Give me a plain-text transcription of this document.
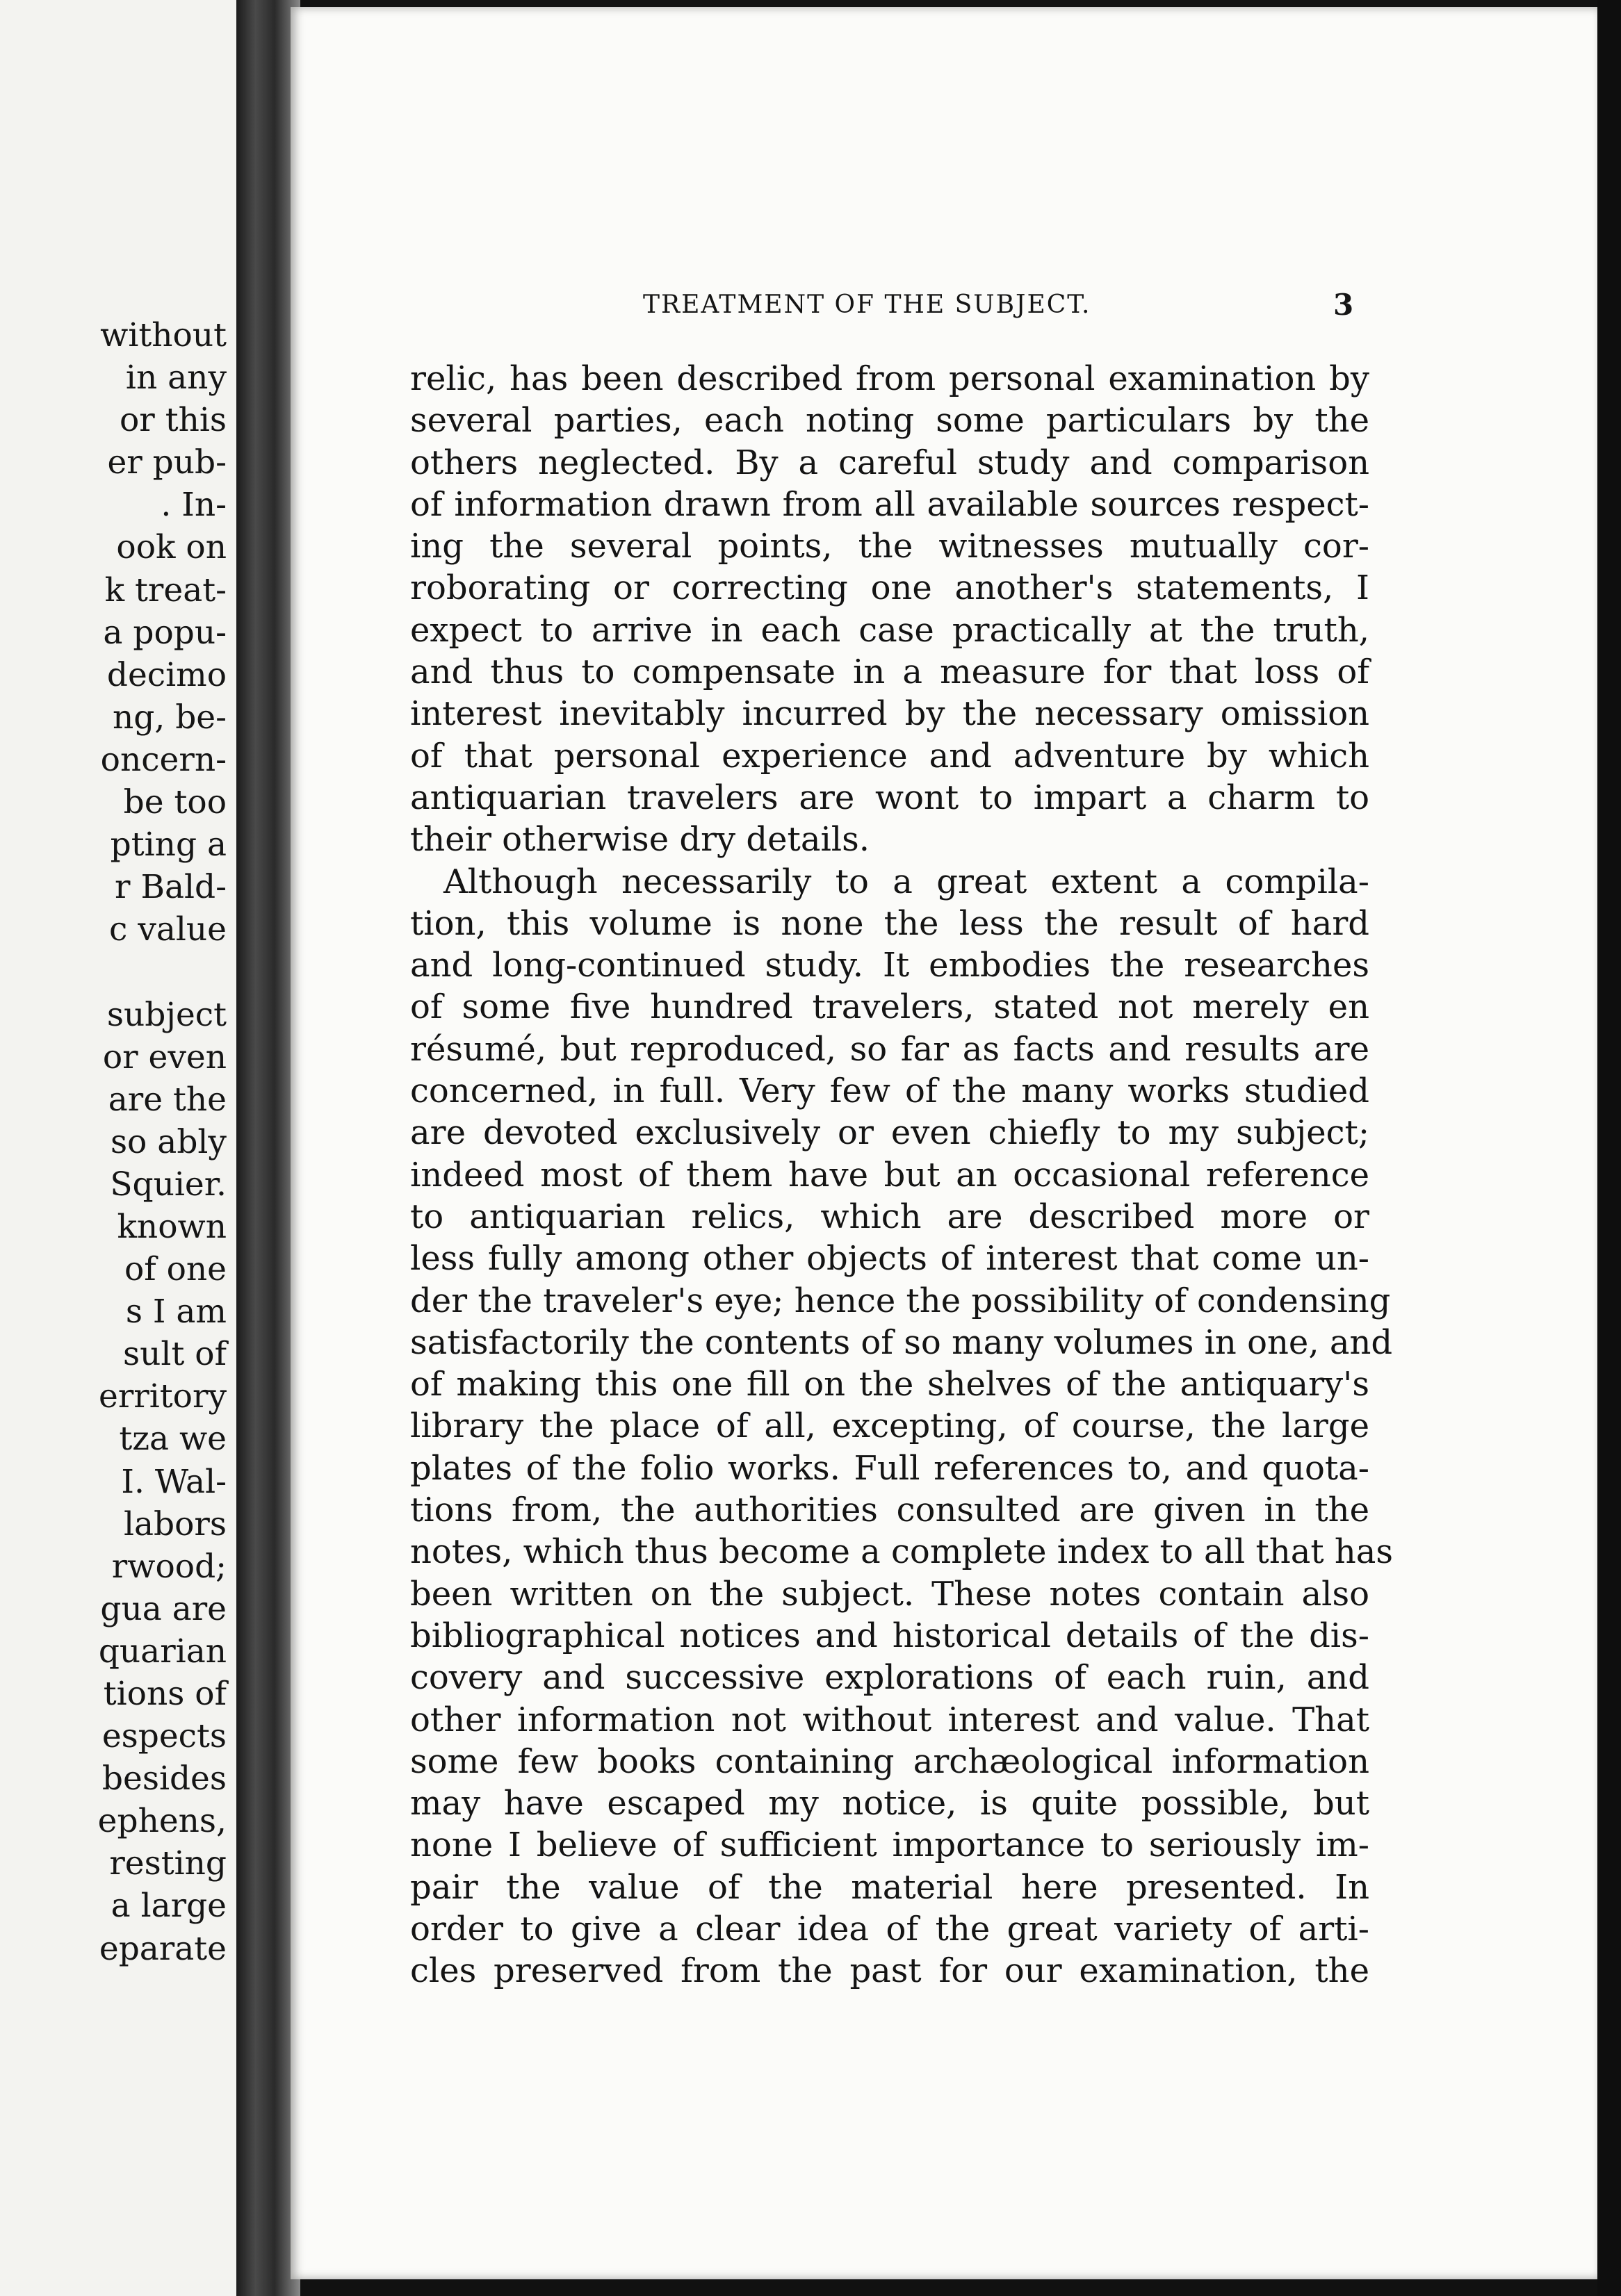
without
in any
or this
er pub-
. In-
ook on
k treat-
a popu-
decimo
ng, be-
oncern-
be too
pting a
r Bald-
c value

subject
or even
are the
so ably
Squier.
known
of one
s I am
sult of
erritory
tza we
I. Wal-
labors
rwood;
gua are
quarian
tions of
espects
besides
ephens,
resting
a large
eparate
TREATMENT OF THE SUBJECT.	3
relic, has been described from personal examination by
several parties, each noting some particulars by the
others neglected. By a careful study and comparison
of information drawn from all available sources respect-
ing the several points, the witnesses mutually cor-
roborating or correcting one another's statements, I
expect to arrive in each case practically at the truth,
and thus to compensate in a measure for that loss of
interest inevitably incurred by the necessary omission
of that personal experience and adventure by which
antiquarian travelers are wont to impart a charm to
their otherwise dry details.
Although necessarily to a great extent a compila-
tion, this volume is none the less the result of hard
and long-continued study. It embodies the researches
of some five hundred travelers, stated not merely en
résumé, but reproduced, so far as facts and results are
concerned, in full. Very few of the many works studied
are devoted exclusively or even chiefly to my subject;
indeed most of them have but an occasional reference
to antiquarian relics, which are described more or
less fully among other objects of interest that come un-
der the traveler's eye; hence the possibility of condensing
satisfactorily the contents of so many volumes in one, and
of making this one fill on the shelves of the antiquary's
library the place of all, excepting, of course, the large
plates of the folio works. Full references to, and quota-
tions from, the authorities consulted are given in the
notes, which thus become a complete index to all that has
been written on the subject. These notes contain also
bibliographical notices and historical details of the dis-
covery and successive explorations of each ruin, and
other information not without interest and value. That
some few books containing archæological information
may have escaped my notice, is quite possible, but
none I believe of sufficient importance to seriously im-
pair the value of the material here presented. In
order to give a clear idea of the great variety of arti-
cles preserved from the past for our examination, the
